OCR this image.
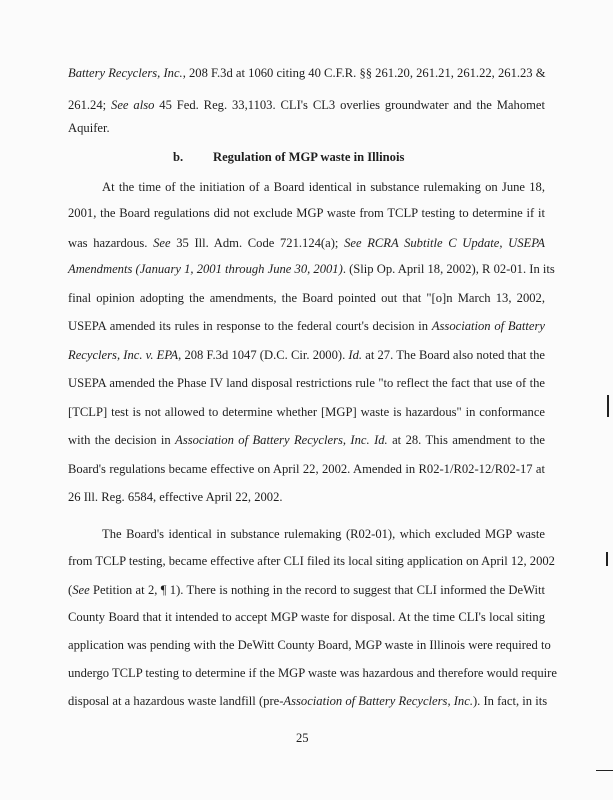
Battery Recyclers, Inc., 208 F.3d at 1060 citing 40 C.F.R. §§ 261.20, 261.21, 261.22, 261.23 &
261.24; See also 45 Fed. Reg. 33,1103. CLI's CL3 overlies groundwater and the Mahomet
Aquifer.
b. Regulation of MGP waste in Illinois
At the time of the initiation of a Board identical in substance rulemaking on June 18,
2001, the Board regulations did not exclude MGP waste from TCLP testing to determine if it
was hazardous. See 35 Ill. Adm. Code 721.124(a); See RCRA Subtitle C Update, USEPA
Amendments (January 1, 2001 through June 30, 2001). (Slip Op. April 18, 2002), R 02-01. In its
final opinion adopting the amendments, the Board pointed out that "[o]n March 13, 2002,
USEPA amended its rules in response to the federal court's decision in Association of Battery
Recyclers, Inc. v. EPA, 208 F.3d 1047 (D.C. Cir. 2000). Id. at 27. The Board also noted that the
USEPA amended the Phase IV land disposal restrictions rule "to reflect the fact that use of the
[TCLP] test is not allowed to determine whether [MGP] waste is hazardous" in conformance
with the decision in Association of Battery Recyclers, Inc. Id. at 28. This amendment to the
Board's regulations became effective on April 22, 2002. Amended in R02-1/R02-12/R02-17 at
26 Ill. Reg. 6584, effective April 22, 2002.
The Board's identical in substance rulemaking (R02-01), which excluded MGP waste
from TCLP testing, became effective after CLI filed its local siting application on April 12, 2002
(See Petition at 2, ¶ 1). There is nothing in the record to suggest that CLI informed the DeWitt
County Board that it intended to accept MGP waste for disposal. At the time CLI's local siting
application was pending with the DeWitt County Board, MGP waste in Illinois were required to
undergo TCLP testing to determine if the MGP waste was hazardous and therefore would require
disposal at a hazardous waste landfill (pre-Association of Battery Recyclers, Inc.). In fact, in its
25
